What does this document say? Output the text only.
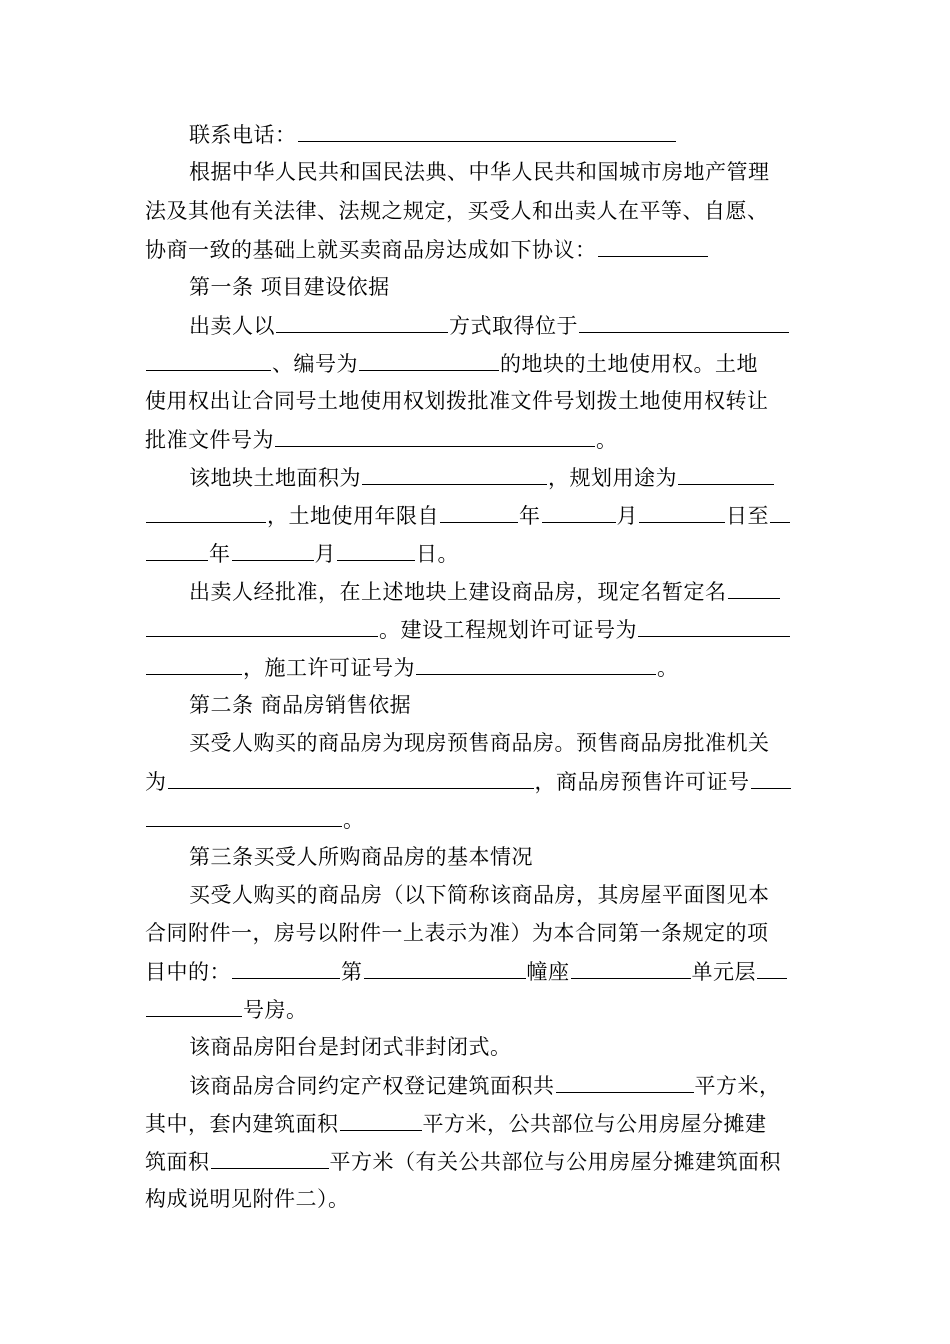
联系电话：
根据中华人民共和国民法典、中华人民共和国城市房地产管理
法及其他有关法律、法规之规定，买受人和出卖人在平等、自愿、
协商一致的基础上就买卖商品房达成如下协议：
第一条 项目建设依据
出卖人以	方式取得位于
、编号为	的地块的土地使用权。土地
使用权出让合同号土地使用权划拨批准文件号划拨土地使用权转让
批准文件号为	。
该地块土地面积为	，规划用途为
，土地使用年限自	年	月	日至
年	月	日。
出卖人经批准，在上述地块上建设商品房，现定名暂定名
。建设工程规划许可证号为
，施工许可证号为	。
第二条 商品房销售依据
买受人购买的商品房为现房预售商品房。预售商品房批准机关
为	，商品房预售许可证号
。
第三条买受人所购商品房的基本情况
买受人购买的商品房（以下简称该商品房，其房屋平面图见本
合同附件一，房号以附件一上表示为准）为本合同第一条规定的项
目中的：	第	幢座	单元层
号房。
该商品房阳台是封闭式非封闭式。
该商品房合同约定产权登记建筑面积共	平方米，
其中，套内建筑面积	平方米，公共部位与公用房屋分摊建
筑面积	平方米（有关公共部位与公用房屋分摊建筑面积
构成说明见附件二）。
